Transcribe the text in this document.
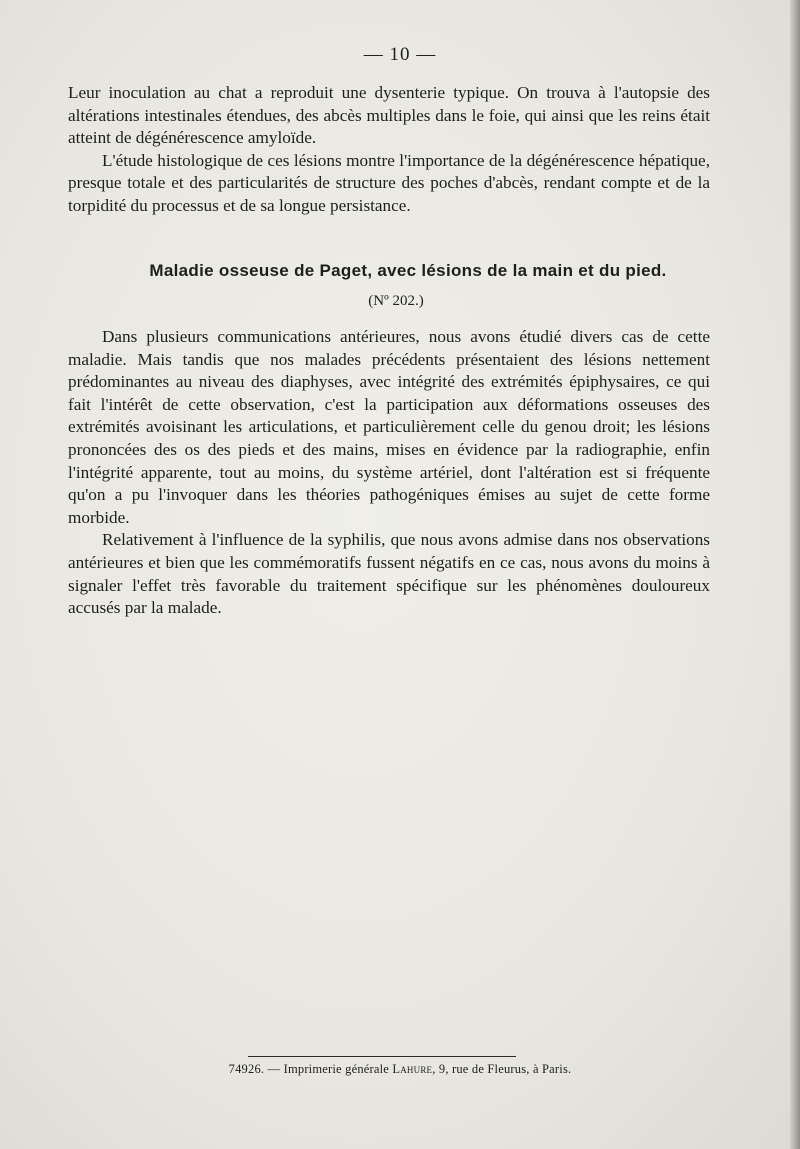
— 10 —

Leur inoculation au chat a reproduit une dysenterie typique. On trouva à l'autopsie des altérations intestinales étendues, des abcès multiples dans le foie, qui ainsi que les reins était atteint de dégénérescence amyloïde.

L'étude histologique de ces lésions montre l'importance de la dégénérescence hépatique, presque totale et des particularités de structure des poches d'abcès, rendant compte et de la torpidité du processus et de sa longue persistance.

Maladie osseuse de Paget, avec lésions de la main et du pied.
(Nº 202.)

Dans plusieurs communications antérieures, nous avons étudié divers cas de cette maladie. Mais tandis que nos malades précédents présentaient des lésions nettement prédominantes au niveau des diaphyses, avec intégrité des extrémités épiphysaires, ce qui fait l'intérêt de cette observation, c'est la participation aux déformations osseuses des extrémités avoisinant les articulations, et particulièrement celle du genou droit; les lésions prononcées des os des pieds et des mains, mises en évidence par la radiographie, enfin l'intégrité apparente, tout au moins, du système artériel, dont l'altération est si fréquente qu'on a pu l'invoquer dans les théories pathogéniques émises au sujet de cette forme morbide.

Relativement à l'influence de la syphilis, que nous avons admise dans nos observations antérieures et bien que les commémoratifs fussent négatifs en ce cas, nous avons du moins à signaler l'effet très favorable du traitement spécifique sur les phénomènes douloureux accusés par la malade.

74926. — Imprimerie générale Lahure, 9, rue de Fleurus, à Paris.
